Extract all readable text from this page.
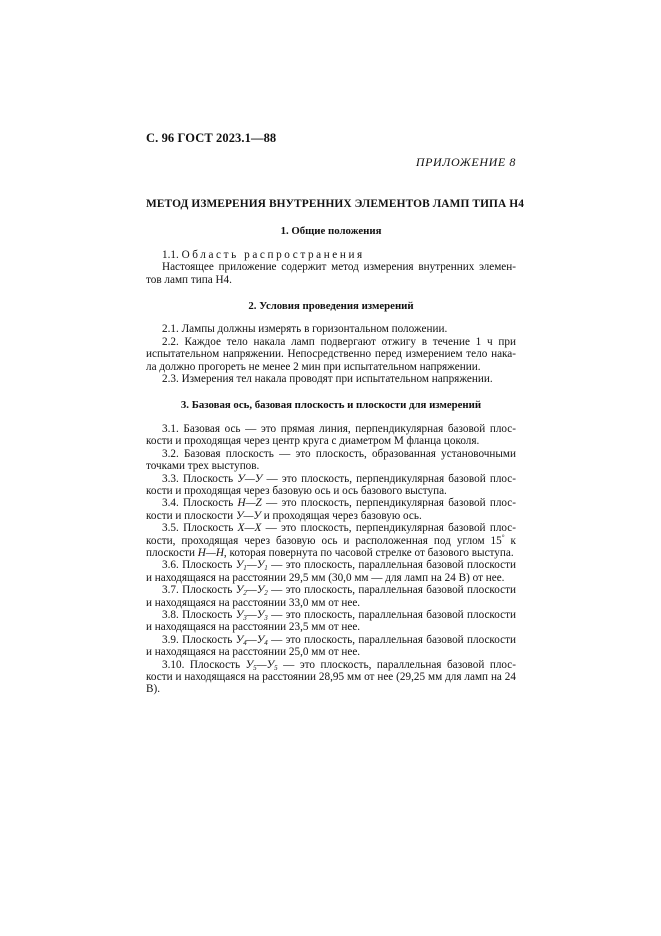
С. 96 ГОСТ 2023.1—88
ПРИЛОЖЕНИЕ 8
МЕТОД ИЗМЕРЕНИЯ ВНУТРЕННИХ ЭЛЕМЕНТОВ ЛАМП ТИПА Н4
1. Общие положения

1.1. Область распространения

Настоящее приложение содержит метод измерения внутренних элементов ламп типа Н4.

2. Условия проведения измерений

2.1. Лампы должны измерять в горизонтальном положении.

2.2. Каждое тело накала ламп подвергают отжигу в течение 1 ч при испытательном напряжении. Непосредственно перед измерением тело накала должно прогореть не менее 2 мин при испытательном напряжении.

2.3. Измерения тел накала проводят при испытательном напряжении.

3. Базовая ось, базовая плоскость и плоскости для измерений

3.1. Базовая ось — это прямая линия, перпендикулярная базовой плоскости и проходящая через центр круга с диаметром М фланца цоколя.

3.2. Базовая плоскость — это плоскость, образованная установочными точками трех выступов.

3.3. Плоскость У—У — это плоскость, перпендикулярная базовой плоскости и проходящая через базовую ось и ось базового выступа.

3.4. Плоскость Н—Z — это плоскость, перпендикулярная базовой плоскости и плоскости У—У и проходящая через базовую ось.

3.5. Плоскость Х—Х — это плоскость, перпендикулярная базовой плоскости, проходящая через базовую ось и расположенная под углом 15° к плоскости Н—Н, которая повернута по часовой стрелке от базового выступа.

3.6. Плоскость $У_1—У_1$ — это плоскость, параллельная базовой плоскости и находящаяся на расстоянии 29,5 мм (30,0 мм — для ламп на 24 В) от нее.

3.7. Плоскость $У_2—У_2$ — это плоскость, параллельная базовой плоскости и находящаяся на расстоянии 33,0 мм от нее.

3.8. Плоскость $У_3—У_3$ — это плоскость, параллельная базовой плоскости и находящаяся на расстоянии 23,5 мм от нее.

3.9. Плоскость $У_4—У_4$ — это плоскость, параллельная базовой плоскости и находящаяся на расстоянии 25,0 мм от нее.

3.10. Плоскость $У_5—У_5$ — это плоскость, параллельная базовой плоскости и находящаяся на расстоянии 28,95 мм от нее (29,25 мм для ламп на 24 В).
